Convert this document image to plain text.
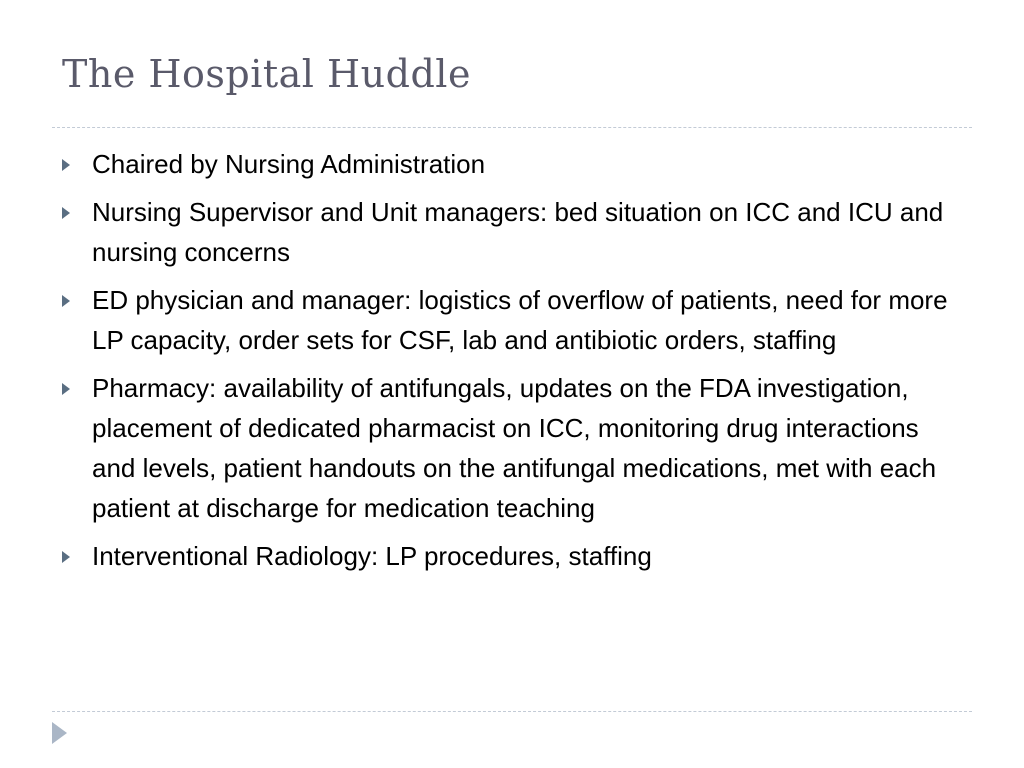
The Hospital Huddle
Chaired by Nursing Administration
Nursing Supervisor and Unit managers: bed situation on ICC and ICU and nursing concerns
ED physician and manager: logistics of overflow of patients, need for more LP capacity, order sets for CSF, lab and antibiotic orders, staffing
Pharmacy: availability of antifungals, updates on the FDA investigation, placement of dedicated pharmacist on ICC, monitoring drug interactions and levels, patient handouts on the antifungal medications, met with each patient at discharge for medication teaching
Interventional Radiology: LP procedures, staffing
